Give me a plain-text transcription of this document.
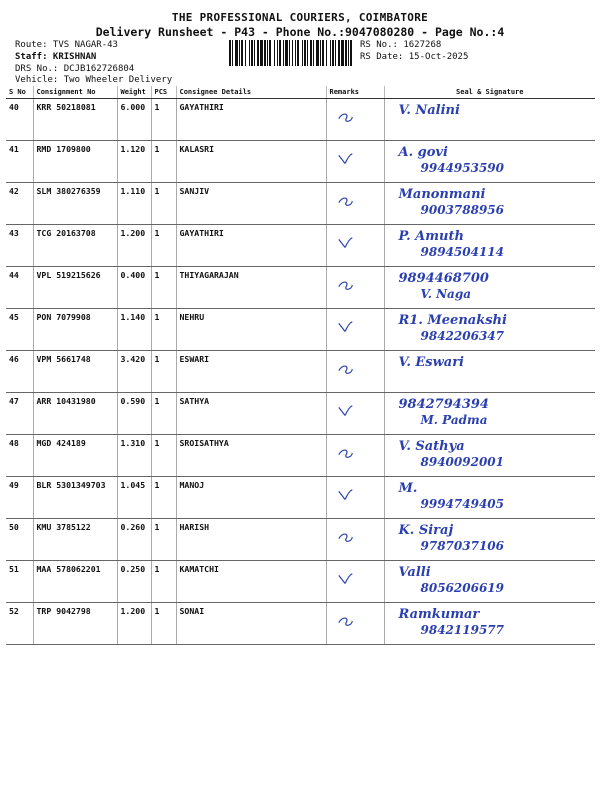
THE PROFESSIONAL COURIERS, COIMBATORE
Delivery Runsheet - P43 - Phone No.:9047080280 - Page No.:4
Route: TVS NAGAR-43
Staff: KRISHNAN
DRS No.: DCJB162726804
Vehicle: Two Wheeler Delivery
RS No.: 1627268
RS Date: 15-Oct-2025
S No	Consignment No	Weight	PCS	Consignee Details	Remarks	Seal & Signature
40	KRR 50218081	6.000	1	GAYATHIRI		V. Nalini

41	RMD 1709800	1.120	1	KALASRI		A. govi
9944953590

42	SLM 380276359	1.110	1	SANJIV		Manonmani
9003788956

43	TCG 20163708	1.200	1	GAYATHIRI		P. Amuth
9894504114

44	VPL 519215626	0.400	1	THIYAGARAJAN		9894468700
V. Naga

45	PON 7079908	1.140	1	NEHRU		R1. Meenakshi
9842206347

46	VPM 5661748	3.420	1	ESWARI		V. Eswari

47	ARR 10431980	0.590	1	SATHYA		9842794394
M. Padma

48	MGD 424189	1.310	1	SROISATHYA		V. Sathya
8940092001

49	BLR 5301349703	1.045	1	MANOJ		M.
9994749405

50	KMU 3785122	0.260	1	HARISH		K. Siraj
9787037106

51	MAA 578062201	0.250	1	KAMATCHI		Valli
8056206619

52	TRP 9042798	1.200	1	SONAI		Ramkumar
9842119577
